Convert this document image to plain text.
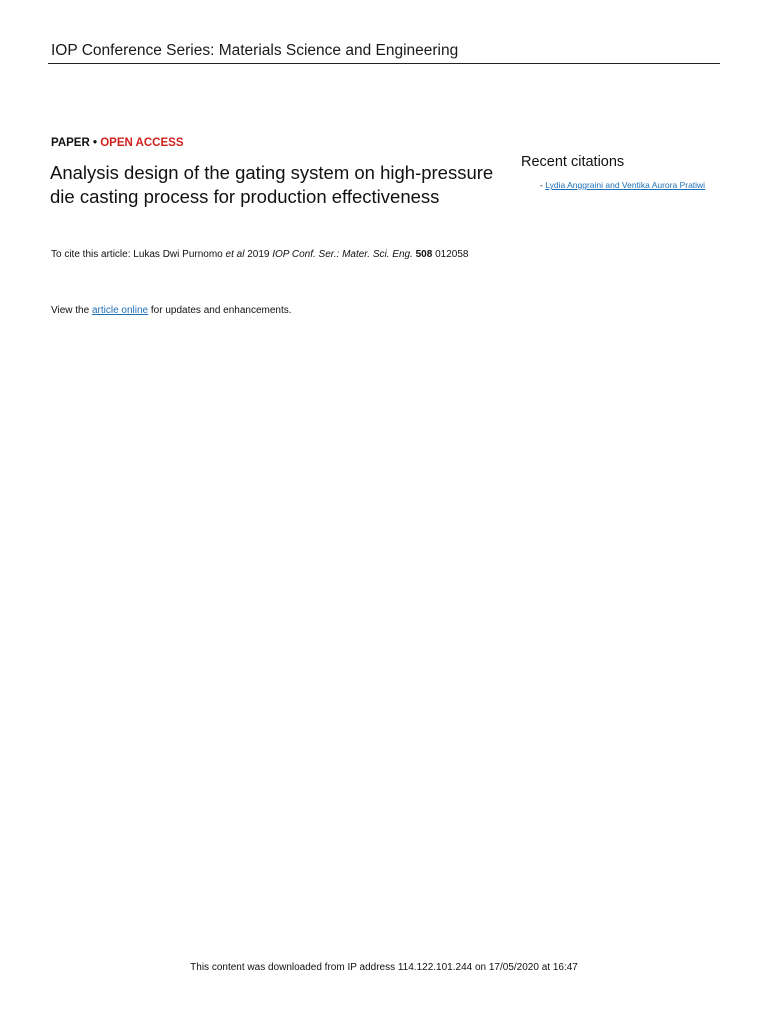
IOP Conference Series: Materials Science and Engineering
PAPER • OPEN ACCESS
Analysis design of the gating system on high-pressure die casting process for production effectiveness
To cite this article: Lukas Dwi Purnomo et al 2019 IOP Conf. Ser.: Mater. Sci. Eng. 508 012058
View the article online for updates and enhancements.
Recent citations
- Lydia Anggraini and Ventika Aurora Pratiwi
This content was downloaded from IP address 114.122.101.244 on 17/05/2020 at 16:47
